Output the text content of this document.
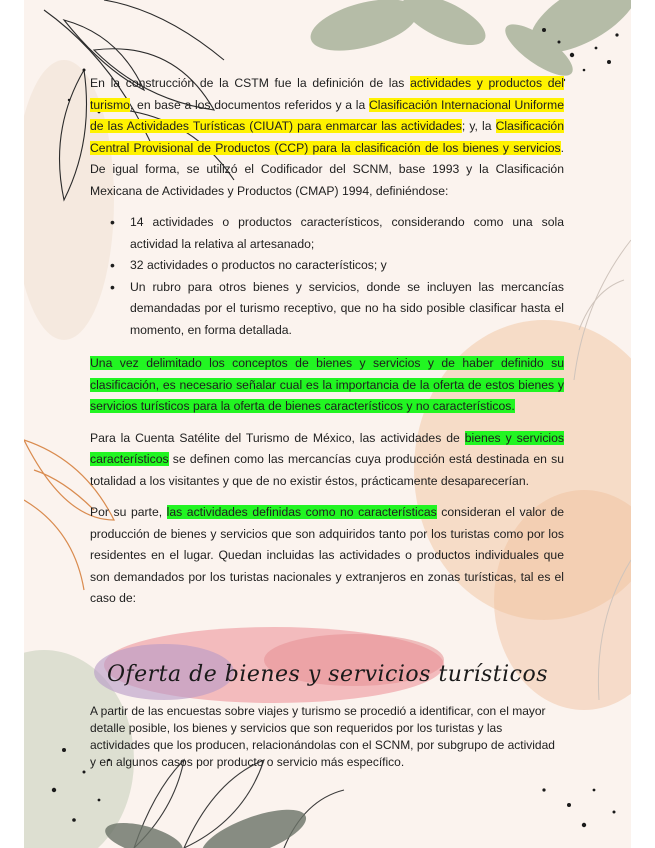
En la construcción de la CSTM fue la definición de las actividades y productos del turismo, en base a los documentos referidos y a la Clasificación Internacional Uniforme de las Actividades Turísticas (CIUAT) para enmarcar las actividades; y, la Clasificación Central Provisional de Productos (CCP) para la clasificación de los bienes y servicios. De igual forma, se utilizó el Codificador del SCNM, base 1993 y la Clasificación Mexicana de Actividades y Productos (CMAP) 1994, definiéndose:

• 14 actividades o productos característicos, considerando como una sola actividad la relativa al artesanado;
• 32 actividades o productos no característicos; y
• Un rubro para otros bienes y servicios, donde se incluyen las mercancías demandadas por el turismo receptivo, que no ha sido posible clasificar hasta el momento, en forma detallada.

Una vez delimitado los conceptos de bienes y servicios y de haber definido su clasificación, es necesario señalar cual es la importancia de la oferta de estos bienes y servicios turísticos para la oferta de bienes característicos y no característicos.

Para la Cuenta Satélite del Turismo de México, las actividades de bienes y servicios característicos se definen como las mercancías cuya producción está destinada en su totalidad a los visitantes y que de no existir éstos, prácticamente desaparecerían.

Por su parte, las actividades definidas como no características consideran el valor de producción de bienes y servicios que son adquiridos tanto por los turistas como por los residentes en el lugar. Quedan incluidas las actividades o productos individuales que son demandados por los turistas nacionales y extranjeros en zonas turísticas, tal es el caso de:

Oferta de bienes y servicios turísticos
A partir de las encuestas sobre viajes y turismo se procedió a identificar, con el mayor detalle posible, los bienes y servicios que son requeridos por los turistas y las actividades que los producen, relacionándolas con el SCNM, por subgrupo de actividad y en algunos casos por producto o servicio más específico.
